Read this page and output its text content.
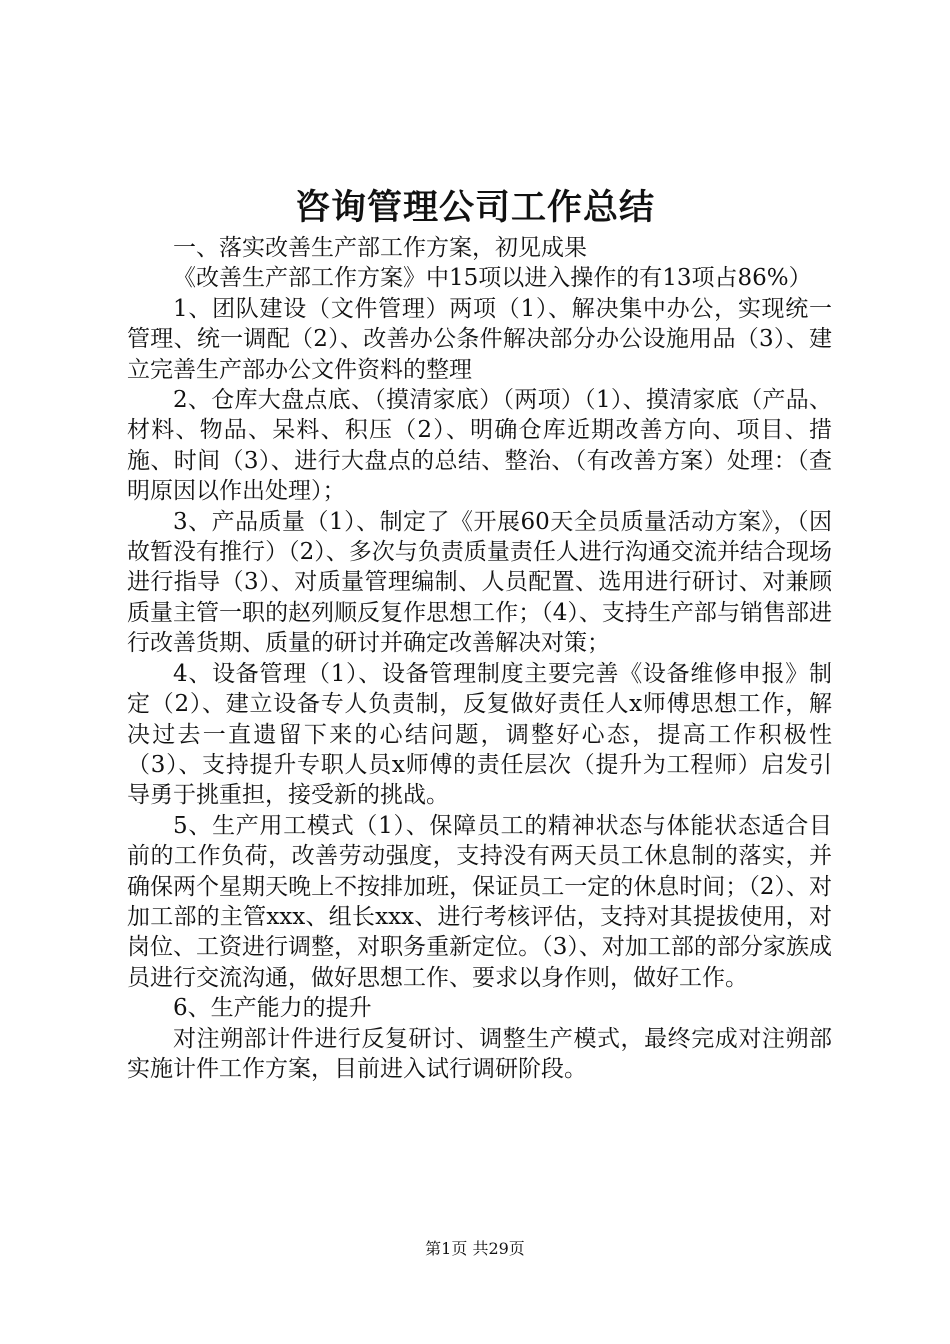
咨询管理公司工作总结

一、落实改善生产部工作方案，初见成果

《改善生产部工作方案》中15项以进入操作的有13项占86%）

1、团队建设（文件管理）两项（1）、解决集中办公，实现统一管理、统一调配（2）、改善办公条件解决部分办公设施用品（3）、建立完善生产部办公文件资料的整理

2、仓库大盘点底、（摸清家底）（两项）（1）、摸清家底（产品、材料、物品、呆料、积压（2）、明确仓库近期改善方向、项目、措施、时间（3）、进行大盘点的总结、整治、（有改善方案）处理：（查明原因以作出处理）；

3、产品质量（1）、制定了《开展60天全员质量活动方案》，（因故暂没有推行）（2）、多次与负责质量责任人进行沟通交流并结合现场进行指导（3）、对质量管理编制、人员配置、选用进行研讨、对兼顾质量主管一职的赵列顺反复作思想工作；（4）、支持生产部与销售部进行改善货期、质量的研讨并确定改善解决对策；

4、设备管理（1）、设备管理制度主要完善《设备维修申报》制定（2）、建立设备专人负责制，反复做好责任人x师傅思想工作，解决过去一直遗留下来的心结问题，调整好心态，提高工作积极性（3）、支持提升专职人员x师傅的责任层次（提升为工程师）启发引导勇于挑重担，接受新的挑战。

5、生产用工模式（1）、保障员工的精神状态与体能状态适合目前的工作负荷，改善劳动强度，支持没有两天员工休息制的落实，并确保两个星期天晚上不按排加班，保证员工一定的休息时间；（2）、对加工部的主管xxx、组长xxx、进行考核评估，支持对其提拔使用，对岗位、工资进行调整，对职务重新定位。（3）、对加工部的部分家族成员进行交流沟通，做好思想工作、要求以身作则，做好工作。

6、生产能力的提升

对注朔部计件进行反复研讨、调整生产模式，最终完成对注朔部实施计件工作方案，目前进入试行调研阶段。

第1页 共29页
